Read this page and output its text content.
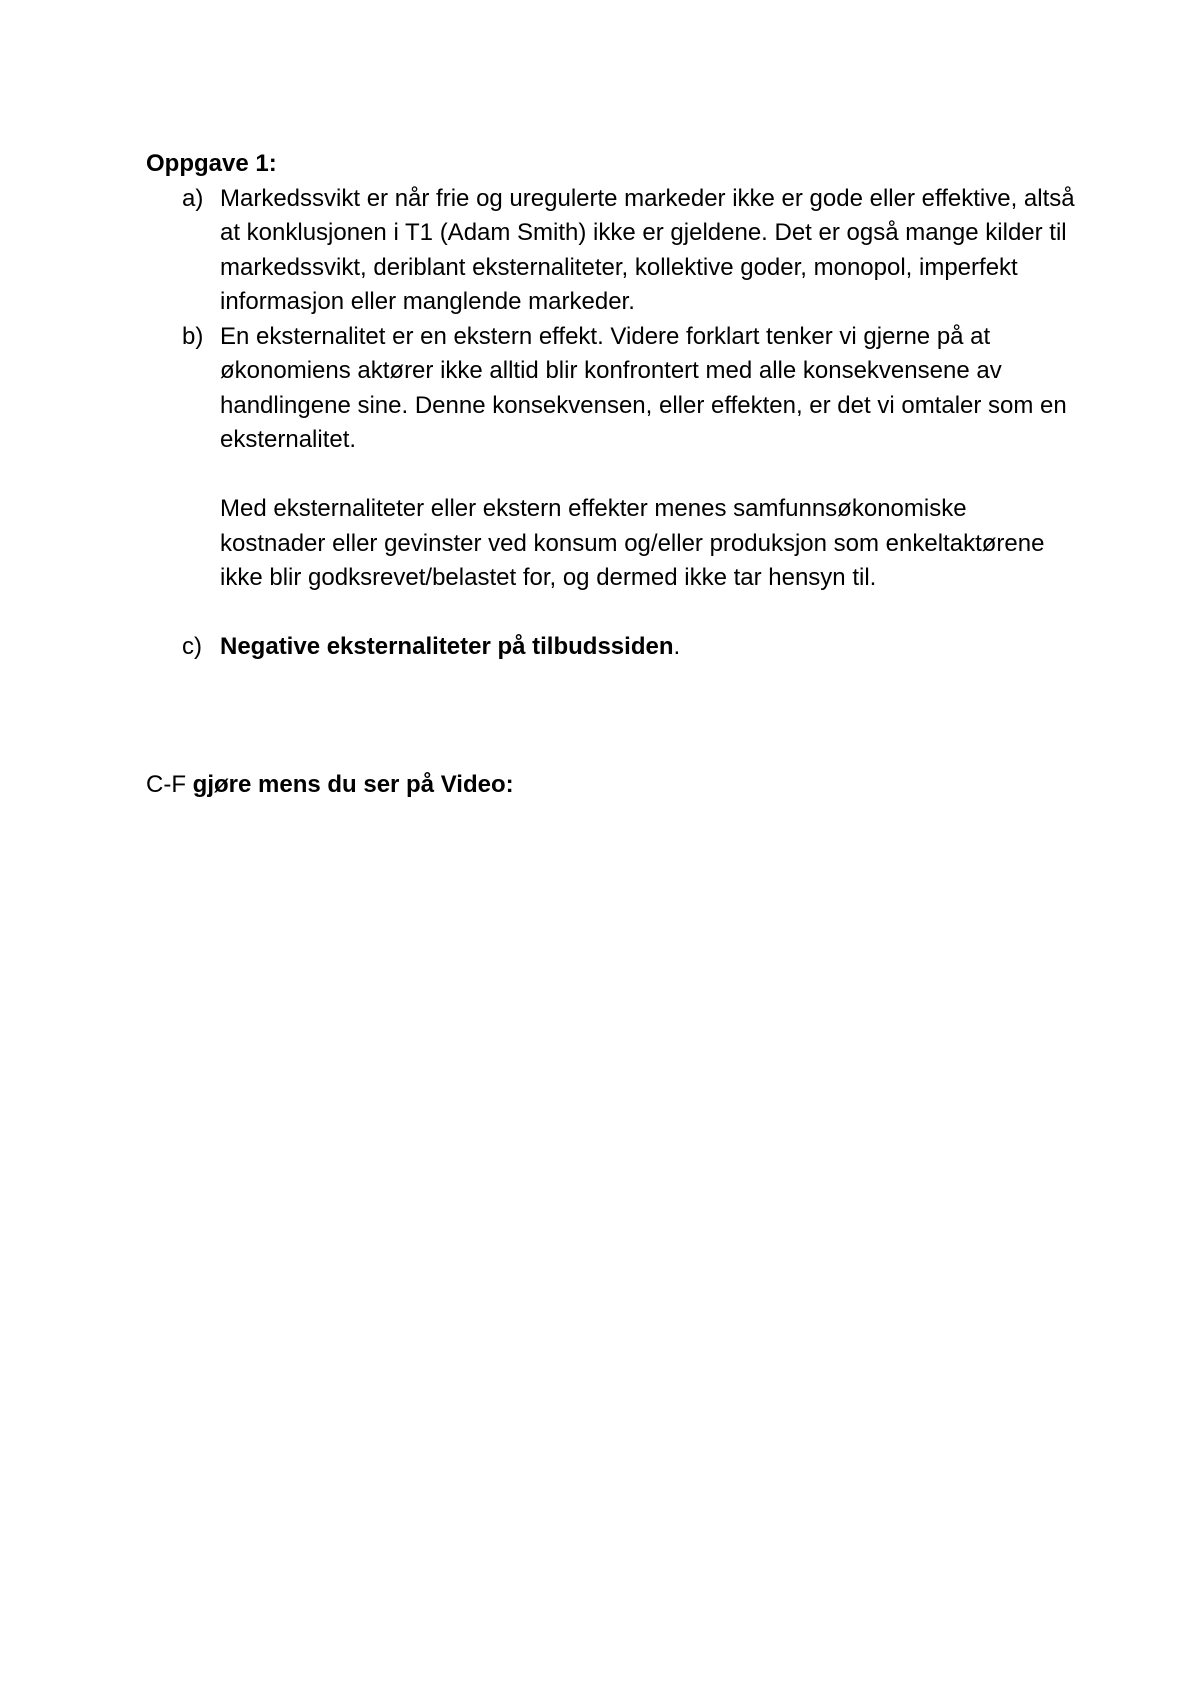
Oppgave 1:

a) Markedssvikt er når frie og uregulerte markeder ikke er gode eller effektive, altså at konklusjonen i T1 (Adam Smith) ikke er gjeldene. Det er også mange kilder til markedssvikt, deriblant eksternaliteter, kollektive goder, monopol, imperfekt informasjon eller manglende markeder.

b) En eksternalitet er en ekstern effekt. Videre forklart tenker vi gjerne på at økonomiens aktører ikke alltid blir konfrontert med alle konsekvensene av handlingene sine. Denne konsekvensen, eller effekten, er det vi omtaler som en eksternalitet.

Med eksternaliteter eller ekstern effekter menes samfunnsøkonomiske kostnader eller gevinster ved konsum og/eller produksjon som enkeltaktørene ikke blir godksrevet/belastet for, og dermed ikke tar hensyn til.

c) Negative eksternaliteter på tilbudssiden.

C-F gjøre mens du ser på Video:
